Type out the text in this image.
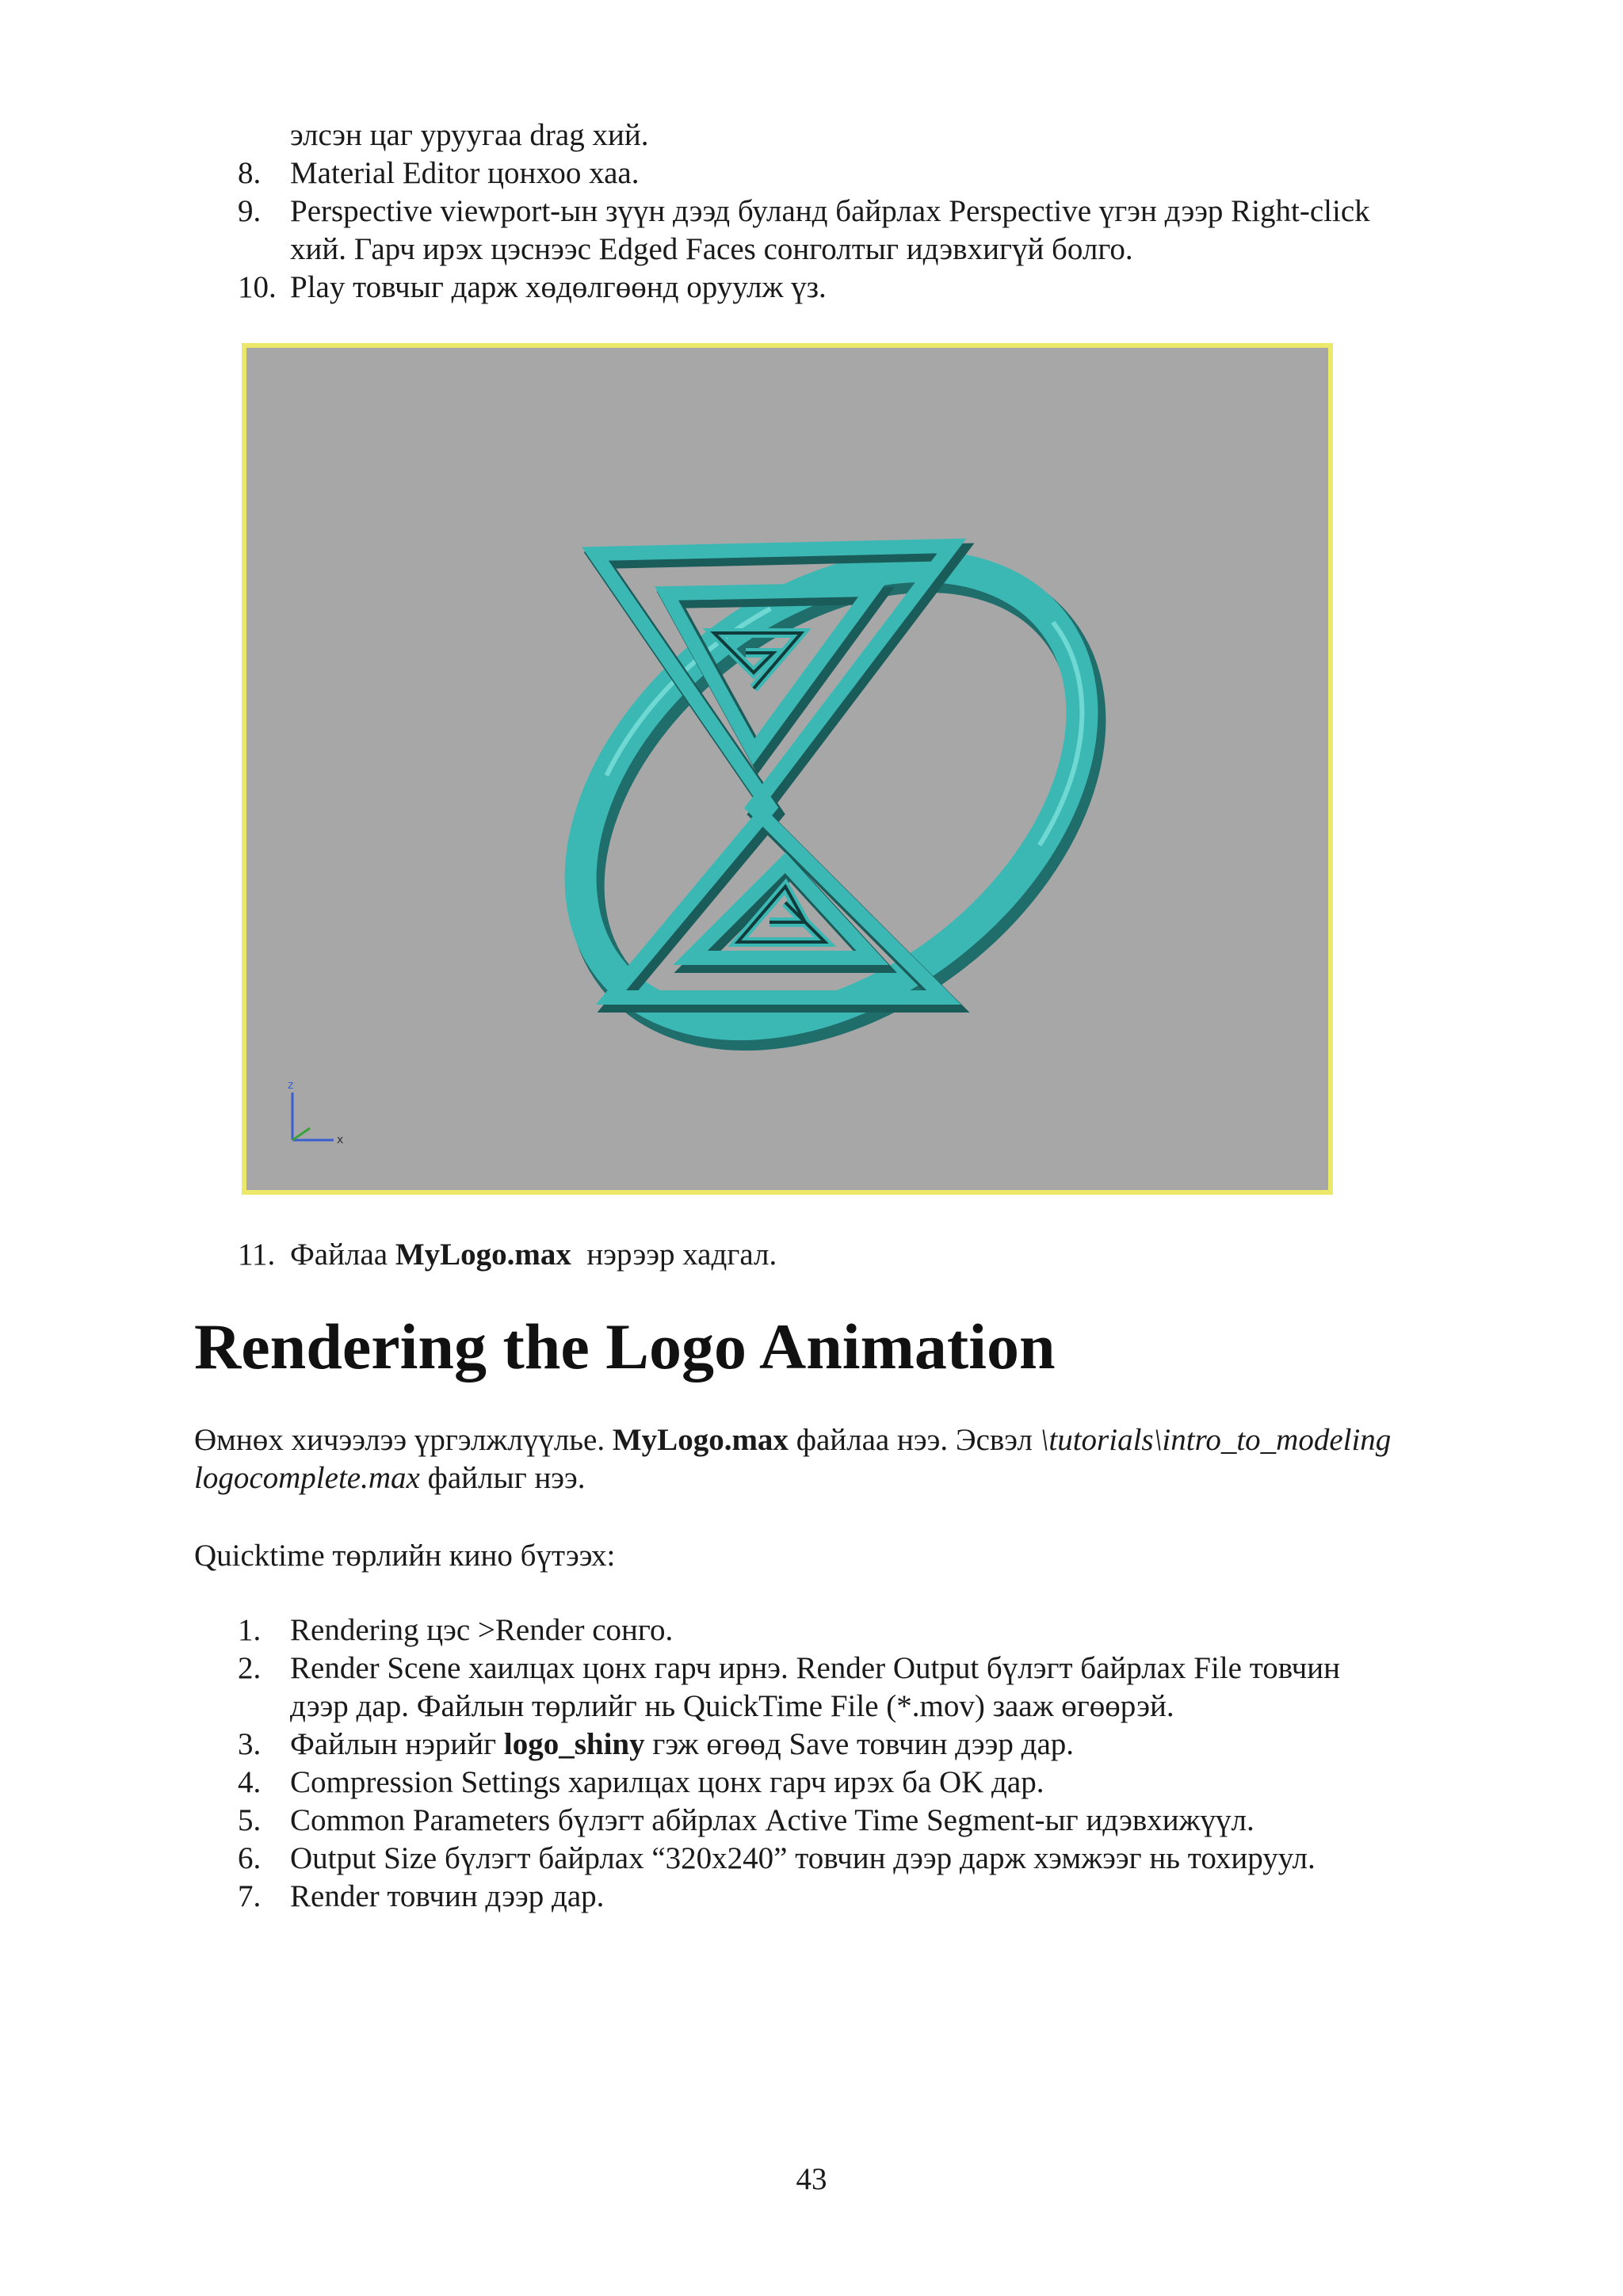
элсэн цаг уруугаа drag хий.
8. Material Editor цонхоо хаа.
9. Perspective viewport-ын зүүн дээд буланд байрлах Perspective үгэн дээр Right-click
хий. Гарч ирэх цэснээс Edged Faces сонголтыг идэвхигүй болго.
10. Play товчыг дарж хөдөлгөөнд оруулж үз.
z
x
11. Файлаа MyLogo.max нэрээр хадгал.
Rendering the Logo Animation
Өмнөх хичээлээ үргэлжлүүлье. MyLogo.max файлаа нээ. Эсвэл \tutorials\intro_to_modeling
logocomplete.max файлыг нээ.
Quicktime төрлийн кино бүтээх:
1. Rendering цэс >Render сонго.
2. Render Scene хаилцах цонх гарч ирнэ. Render Output бүлэгт байрлах File товчин
дээр дар. Файлын төрлийг нь QuickTime File (*.mov) зааж өгөөрэй.
3. Файлын нэрийг logo_shiny гэж өгөөд Save товчин дээр дар.
4. Compression Settings харилцах цонх гарч ирэх ба OK дар.
5. Common Parameters бүлэгт абйрлах Active Time Segment-ыг идэвхижүүл.
6. Output Size бүлэгт байрлах “320x240” товчин дээр дарж хэмжээг нь тохируул.
7. Render товчин дээр дар.
43
